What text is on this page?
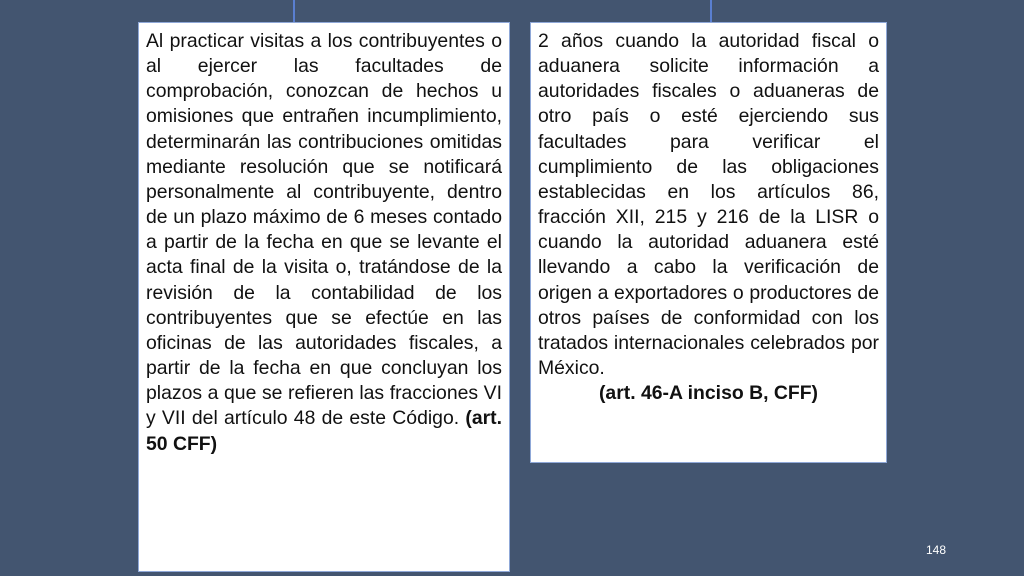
Al practicar visitas a los contribuyentes o al ejercer las facultades de comprobación, conozcan de hechos u omisiones que entrañen incumplimiento, determinarán las contribuciones omitidas mediante resolución que se notificará personalmente al contribuyente, dentro de un plazo máximo de 6 meses contado a partir de la fecha en que se levante el acta final de la visita o, tratándose de la revisión de la contabilidad de los contribuyentes que se efectúe en las oficinas de las autoridades fiscales, a partir de la fecha en que concluyan los plazos a que se refieren las fracciones VI y VII del artículo 48 de este Código. (art. 50 CFF)
2 años cuando la autoridad fiscal o aduanera solicite información a autoridades fiscales o aduaneras de otro país o esté ejerciendo sus facultades para verificar el cumplimiento de las obligaciones establecidas en los artículos 86, fracción XII, 215 y 216 de la LISR o cuando la autoridad aduanera esté llevando a cabo la verificación de origen a exportadores o productores de otros países de conformidad con los tratados internacionales celebrados por México.
(art. 46-A inciso B, CFF)
148
